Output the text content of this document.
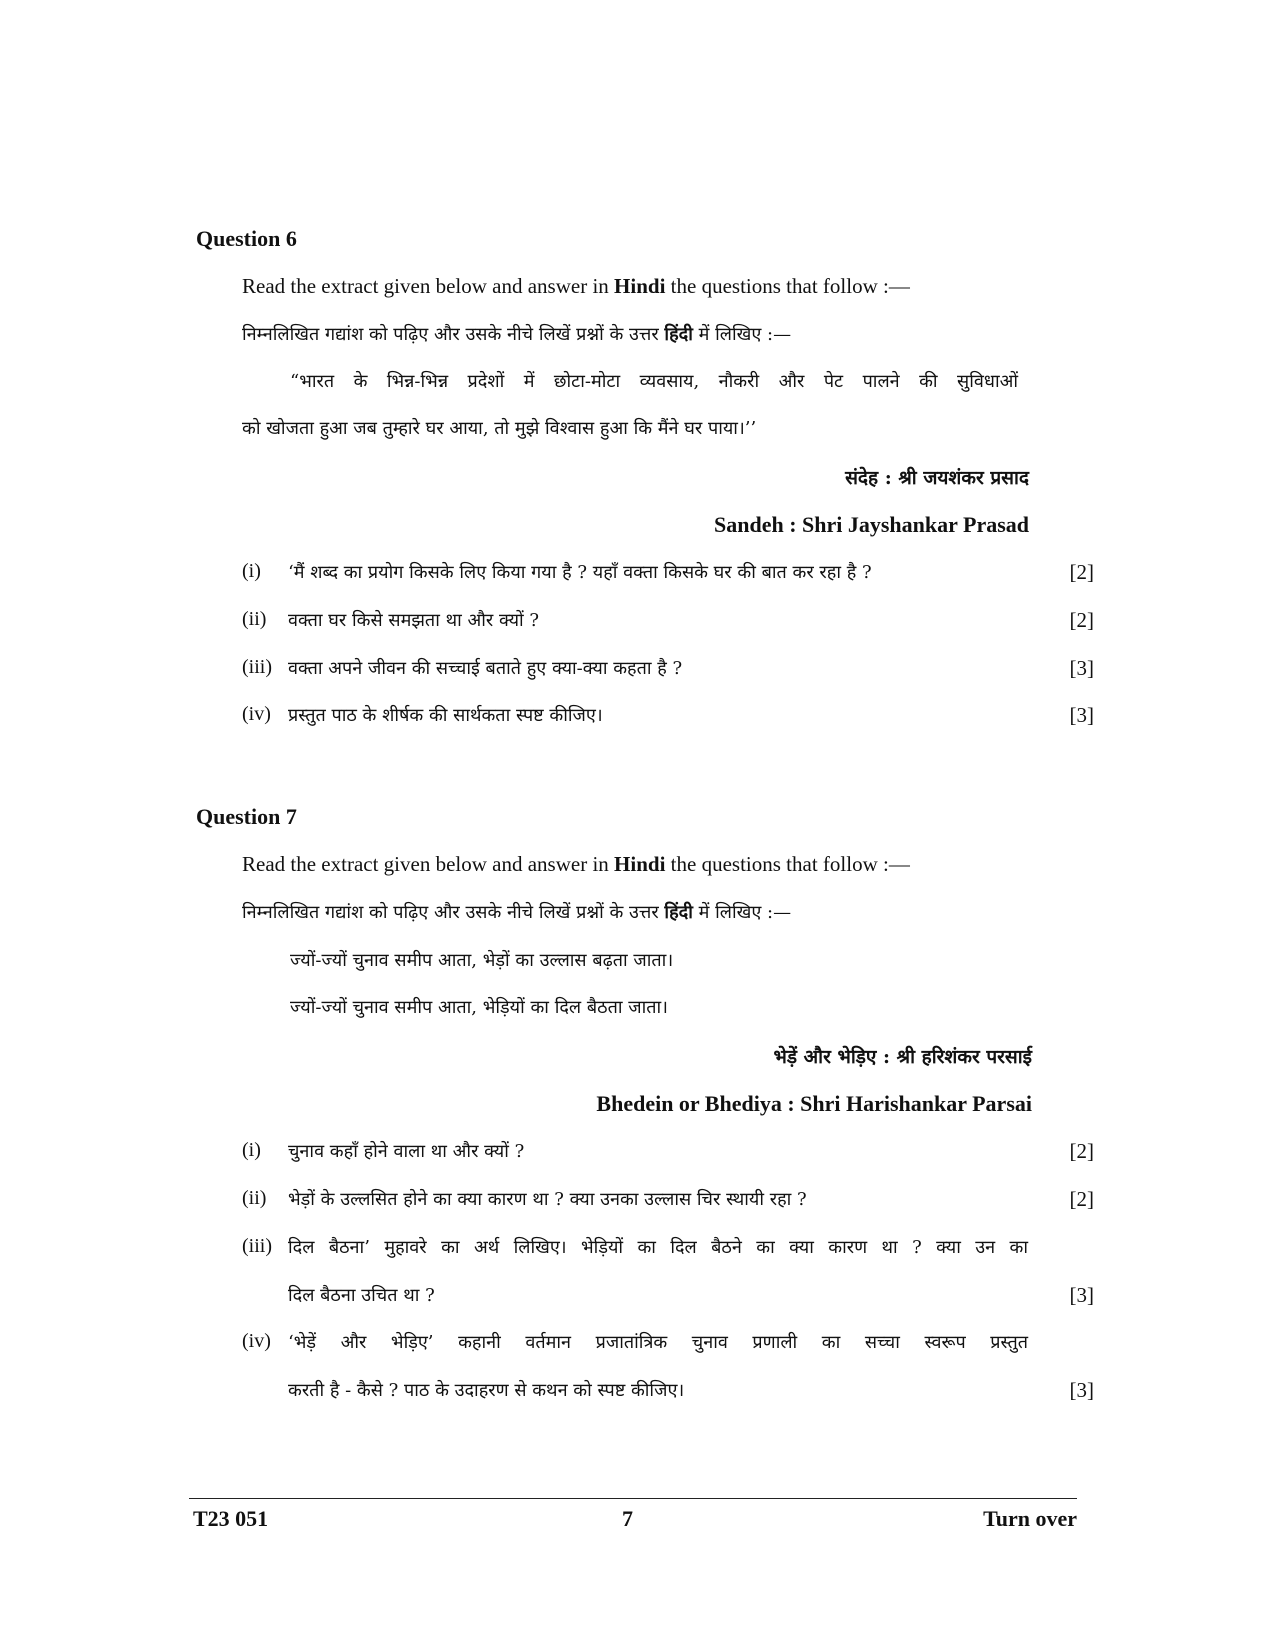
Question 6
Read the extract given below and answer in Hindi the questions that follow :—
निम्नलिखित गद्यांश को पढ़िए और उसके नीचे लिखें प्रश्नों के उत्तर हिंदी में लिखिए :—
“भारत के भिन्न-भिन्न प्रदेशों में छोटा-मोटा व्यवसाय, नौकरी और पेट पालने की सुविधाओं
को खोजता हुआ जब तुम्हारे घर आया, तो मुझे विश्वास हुआ कि मैंने घर पाया।’’
संदेह : श्री जयशंकर प्रसाद
Sandeh : Shri Jayshankar Prasad
(i) ‘मैं शब्द का प्रयोग किसके लिए किया गया है ? यहाँ वक्ता किसके घर की बात कर रहा है ?	[2]
(ii) वक्ता घर किसे समझता था और क्यों ?	[2]
(iii) वक्ता अपने जीवन की सच्चाई बताते हुए क्या-क्या कहता है ?	[3]
(iv) प्रस्तुत पाठ के शीर्षक की सार्थकता स्पष्ट कीजिए।	[3]
Question 7
Read the extract given below and answer in Hindi the questions that follow :—
निम्नलिखित गद्यांश को पढ़िए और उसके नीचे लिखें प्रश्नों के उत्तर हिंदी में लिखिए :—
ज्यों-ज्यों चुनाव समीप आता, भेड़ों का उल्लास बढ़ता जाता।
ज्यों-ज्यों चुनाव समीप आता, भेड़ियों का दिल बैठता जाता।
भेड़ें और भेड़िए : श्री हरिशंकर परसाई
Bhedein or Bhediya : Shri Harishankar Parsai
(i) चुनाव कहाँ होने वाला था और क्यों ?	[2]
(ii) भेड़ों के उल्लसित होने का क्या कारण था ? क्या उनका उल्लास चिर स्थायी रहा ?	[2]
(iii) दिल बैठना’ मुहावरे का अर्थ लिखिए। भेड़ियों का दिल बैठने का क्या कारण था ? क्या उन का
दिल बैठना उचित था ?	[3]
(iv) ‘भेड़ें और भेड़िए’ कहानी वर्तमान प्रजातांत्रिक चुनाव प्रणाली का सच्चा स्वरूप प्रस्तुत
करती है - कैसे ? पाठ के उदाहरण से कथन को स्पष्ट कीजिए।	[3]
T23 051	7	Turn over
